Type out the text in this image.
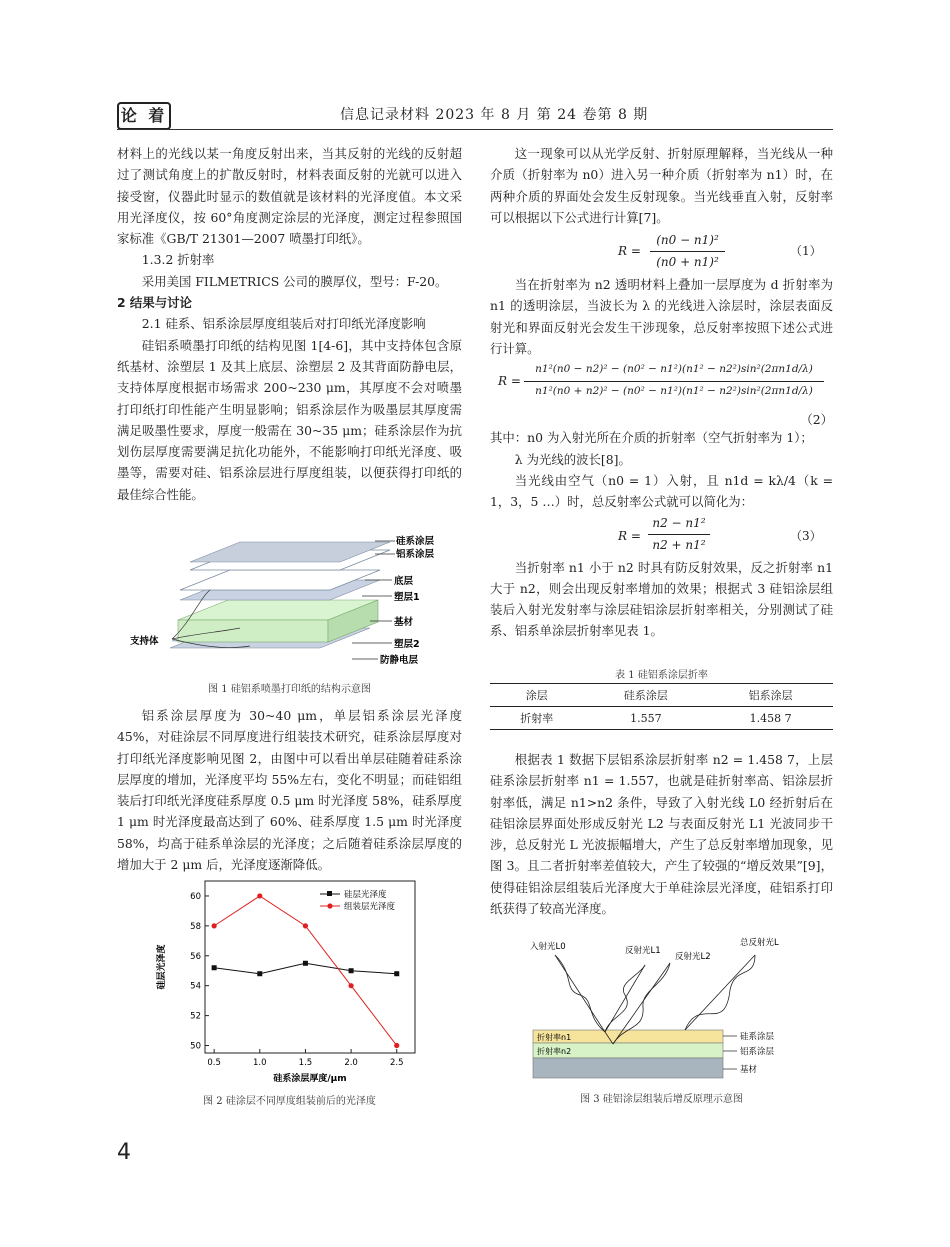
论 着	信息记录材料 2023 年 8 月 第 24 卷第 8 期

材料上的光线以某一角度反射出来，当其反射的光线的反射超过了测试角度上的扩散反射时，材料表面反射的光就可以进入接受窗，仪器此时显示的数值就是该材料的光泽度值。本文采用光泽度仪，按 60°角度测定涂层的光泽度，测定过程参照国家标准《GB/T 21301—2007 喷墨打印纸》。

1.3.2 折射率

采用美国 FILMETRICS 公司的膜厚仪，型号：F-20。

2 结果与讨论

2.1 硅系、铝系涂层厚度组装后对打印纸光泽度影响

硅铝系喷墨打印纸的结构见图 1[4-6]，其中支持体包含原纸基材、涂塑层 1 及其上底层、涂塑层 2 及其背面防静电层，支持体厚度根据市场需求 200~230 μm，其厚度不会对喷墨打印纸打印性能产生明显影响；铝系涂层作为吸墨层其厚度需满足吸墨性要求，厚度一般需在 30~35 μm；硅系涂层作为抗划伤层厚度需要满足抗化功能外，不能影响打印纸光泽度、吸墨等，需要对硅、铝系涂层进行厚度组装，以便获得打印纸的最佳综合性能。

硅系涂层
铝系涂层
底层
塑层1
基材
塑层2
防静电层
支持体
图 1 硅铝系喷墨打印纸的结构示意图

铝系涂层厚度为 30~40 μm，单层铝系涂层光泽度 45%，对硅涂层不同厚度进行组装技术研究，硅系涂层厚度对打印纸光泽度影响见图 2，由图中可以看出单层硅随着硅系涂层厚度的增加，光泽度平均 55%左右，变化不明显；而硅铝组装后打印纸光泽度硅系厚度 0.5 μm 时光泽度 58%，硅系厚度 1 μm 时光泽度最高达到了 60%、硅系厚度 1.5 μm 时光泽度 58%，均高于硅系单涂层的光泽度；之后随着硅系涂层厚度的增加大于 2 μm 后，光泽度逐渐降低。

0.5	1.0	1.5	2.0	2.5
50
52
54
56
58
60
硅系涂层厚度/μm
硅层光泽度
硅层光泽度
组装层光泽度
图 2 硅涂层不同厚度组装前后的光泽度

这一现象可以从光学反射、折射原理解释，当光线从一种介质（折射率为 n0）进入另一种介质（折射率为 n1）时，在两种介质的界面处会发生反射现象。当光线垂直入射，反射率可以根据以下公式进行计算[7]。

R =
(n0 − n1)²
(n0 + n1)²
（1）

当在折射率为 n2 透明材料上叠加一层厚度为 d 折射率为 n1 的透明涂层，当波长为 λ 的光线进入涂层时，涂层表面反射光和界面反射光会发生干涉现象，总反射率按照下述公式进行计算。

R =
n1²(n0 − n2)² − (n0² − n1²)(n1² − n2²)sin²(2πn1d/λ)
n1²(n0 + n2)² − (n0² − n1²)(n1² − n2²)sin²(2πn1d/λ)
（2）

其中：n0 为入射光所在介质的折射率（空气折射率为 1）；

λ 为光线的波长[8]。

当光线由空气（n0 = 1）入射，且 n1d = kλ/4（k = 1，3，5 …）时，总反射率公式就可以简化为：

R =
n2 − n1²
n2 + n1²
（3）

当折射率 n1 小于 n2 时具有防反射效果，反之折射率 n1 大于 n2，则会出现反射率增加的效果；根据式 3 硅铝涂层组装后入射光发射率与涂层硅铝涂层折射率相关，分别测试了硅系、铝系单涂层折射率见表 1。

表 1 硅铝系涂层折率
涂层	硅系涂层	铝系涂层
折射率	1.557	1.458 7

根据表 1 数据下层铝系涂层折射率 n2 = 1.458 7，上层硅系涂层折射率 n1 = 1.557，也就是硅折射率高、铝涂层折射率低，满足 n1>n2 条件，导致了入射光线 L0 经折射后在硅铝涂层界面处形成反射光 L2 与表面反射光 L1 光波同步干涉，总反射光 L 光波振幅增大，产生了总反射率增加现象，见图 3。且二者折射率差值较大，产生了较强的“增反效果”[9]，使得硅铝涂层组装后光泽度大于单硅涂层光泽度，硅铝系打印纸获得了较高光泽度。

折射率n1
折射率n2
入射光L0	反射光L1
反射光L2
总反射光L
硅系涂层
铝系涂层
基材
图 3 硅铝涂层组装后增反原理示意图
4
